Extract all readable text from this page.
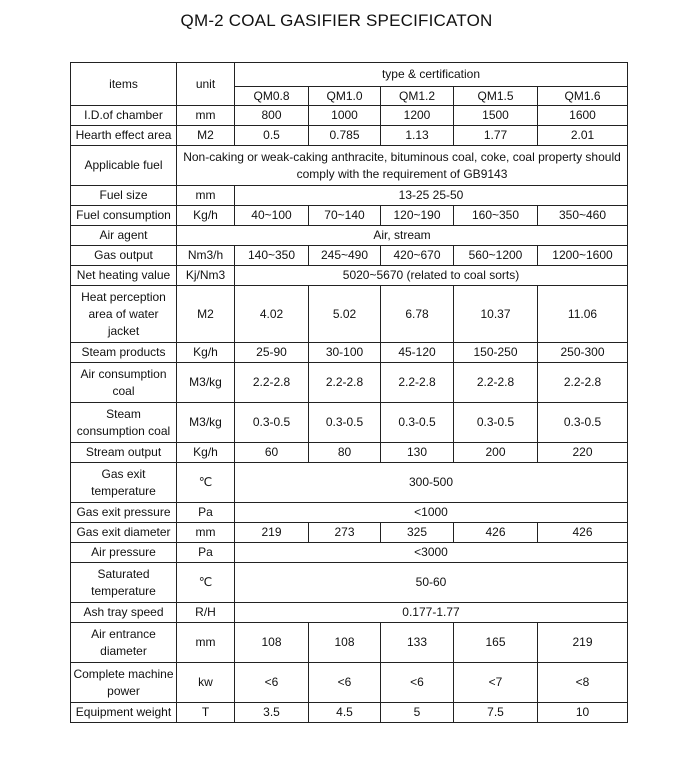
QM-2 COAL GASIFIER SPECIFICATON
items	unit	type & certification				
		QM0.8	QM1.0	QM1.2	QM1.5	QM1.6
I.D.of chamber	mm	800	1000	1200	1500	1600
Hearth effect area	M2	0.5	0.785	1.13	1.77	2.01
Applicable fuel	Non-caking or weak-caking anthracite, bituminous coal, coke, coal property should comply with the requirement of GB9143					
Fuel size	mm	13-25 25-50				
Fuel consumption	Kg/h	40~100	70~140	120~190	160~350	350~460
Air agent	Air, stream					
Gas output	Nm3/h	140~350	245~490	420~670	560~1200	1200~1600
Net heating value	Kj/Nm3	5020~5670 (related to coal sorts)				
Heat perception area of water jacket	M2	4.02	5.02	6.78	10.37	11.06
Steam products	Kg/h	25-90	30-100	45-120	150-250	250-300
Air consumption coal	M3/kg	2.2-2.8	2.2-2.8	2.2-2.8	2.2-2.8	2.2-2.8
Steam consumption coal	M3/kg	0.3-0.5	0.3-0.5	0.3-0.5	0.3-0.5	0.3-0.5
Stream output	Kg/h	60	80	130	200	220
Gas exit temperature	℃	300-500				
Gas exit pressure	Pa	<1000				
Gas exit diameter	mm	219	273	325	426	426
Air pressure	Pa	<3000				
Saturated temperature	℃	50-60				
Ash tray speed	R/H	0.177-1.77				
Air entrance diameter	mm	108	108	133	165	219
Complete machine power	kw	<6	<6	<6	<7	<8
Equipment weight	T	3.5	4.5	5	7.5	10
